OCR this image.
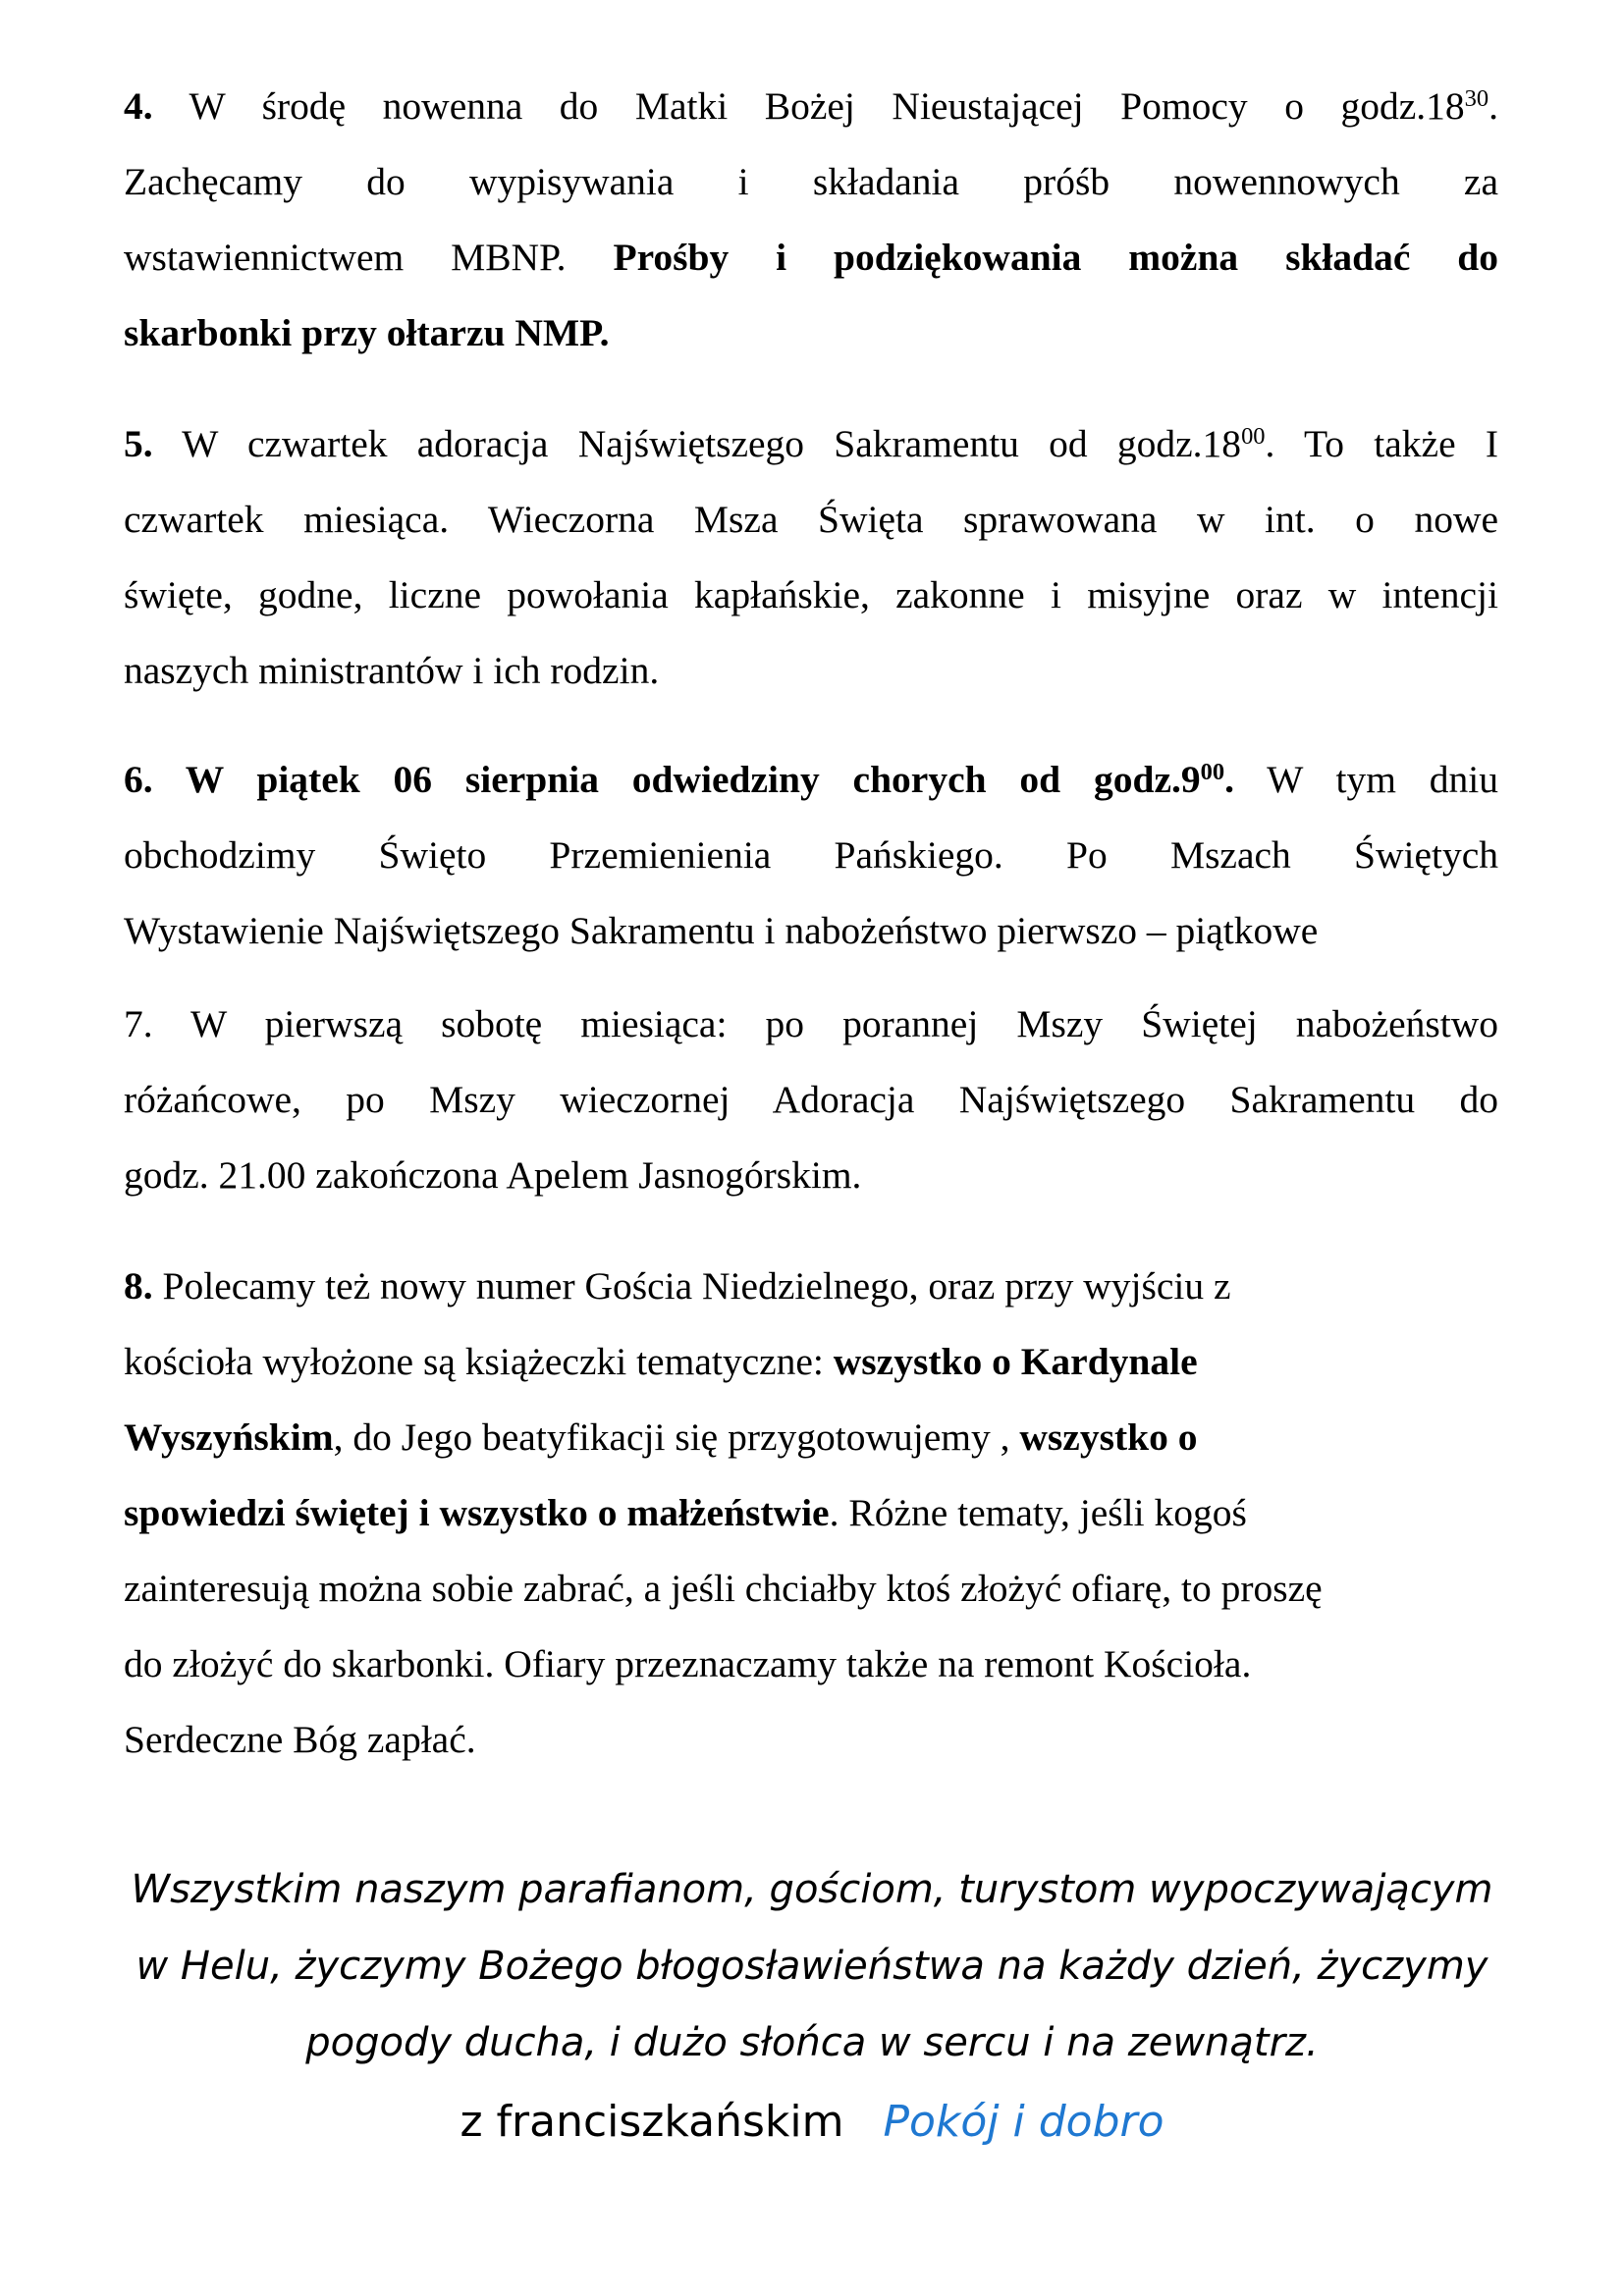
4. W środę nowenna do Matki Bożej Nieustającej Pomocy o $godz.18^{30}$.
Zachęcamy do wypisywania i składania próśb nowennowych za
wstawiennictwem MBNP. Prośby i podziękowania można składać do
skarbonki przy ołtarzu NMP.
5. W czwartek adoracja Najświętszego Sakramentu od $godz.18^{00}$. To także I
czwartek miesiąca. Wieczorna Msza Święta sprawowana w int. o nowe
święte, godne, liczne powołania kapłańskie, zakonne i misyjne oraz w intencji
naszych ministrantów i ich rodzin.
6. W piątek 06 sierpnia odwiedziny chorych od $godz.9^{00}$. W tym dniu
obchodzimy Święto Przemienienia Pańskiego. Po Mszach Świętych
Wystawienie Najświętszego Sakramentu i nabożeństwo pierwszo – piątkowe
7. W pierwszą sobotę miesiąca: po porannej Mszy Świętej nabożeństwo
różańcowe, po Mszy wieczornej Adoracja Najświętszego Sakramentu do
godz. 21.00 zakończona Apelem Jasnogórskim.
8. Polecamy też nowy numer Gościa Niedzielnego, oraz przy wyjściu z
kościoła wyłożone są książeczki tematyczne: wszystko o Kardynale
Wyszyńskim, do Jego beatyfikacji się przygotowujemy , wszystko o
spowiedzi świętej i wszystko o małżeństwie. Różne tematy, jeśli kogoś
zainteresują można sobie zabrać, a jeśli chciałby ktoś złożyć ofiarę, to proszę
do złożyć do skarbonki. Ofiary przeznaczamy także na remont Kościoła.
Serdeczne Bóg zapłać.
Wszystkim naszym parafianom, gościom, turystom wypoczywającym
w Helu, życzymy Bożego błogosławieństwa na każdy dzień, życzymy
pogody ducha, i dużo słońca w sercu i na zewnątrz.
z franciszkańskim Pokój i dobro
